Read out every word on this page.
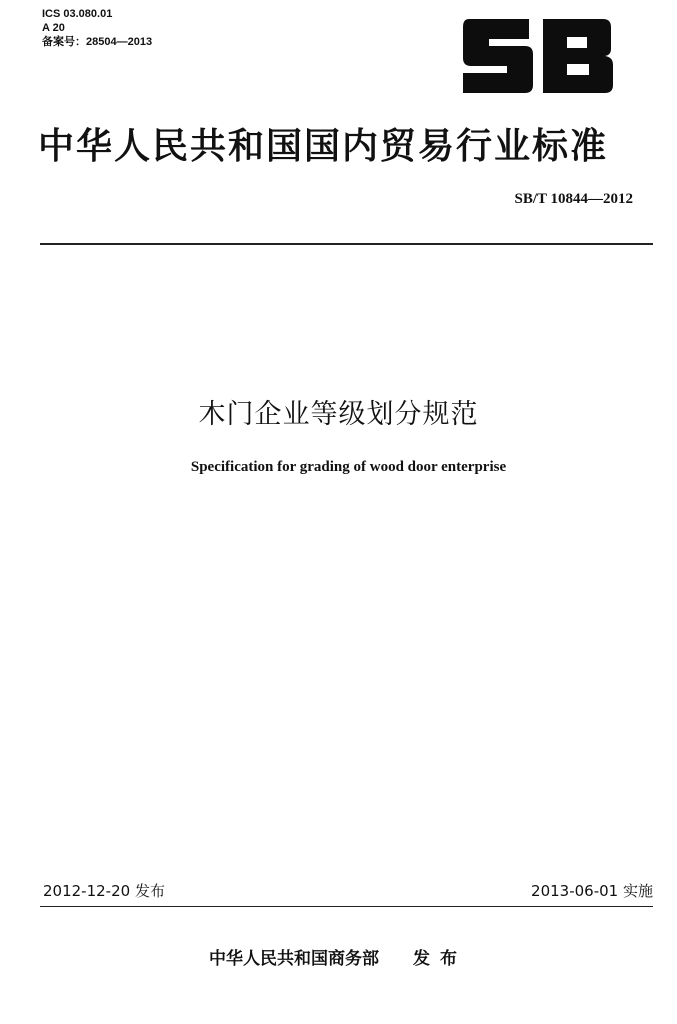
ICS 03.080.01
A 20
备案号：28504—2013
中华人民共和国国内贸易行业标准
SB/T 10844—2012
木门企业等级划分规范
Specification for grading of wood door enterprise
2012-12-20 发布	2013-06-01 实施
中华人民共和国商务部 发布
